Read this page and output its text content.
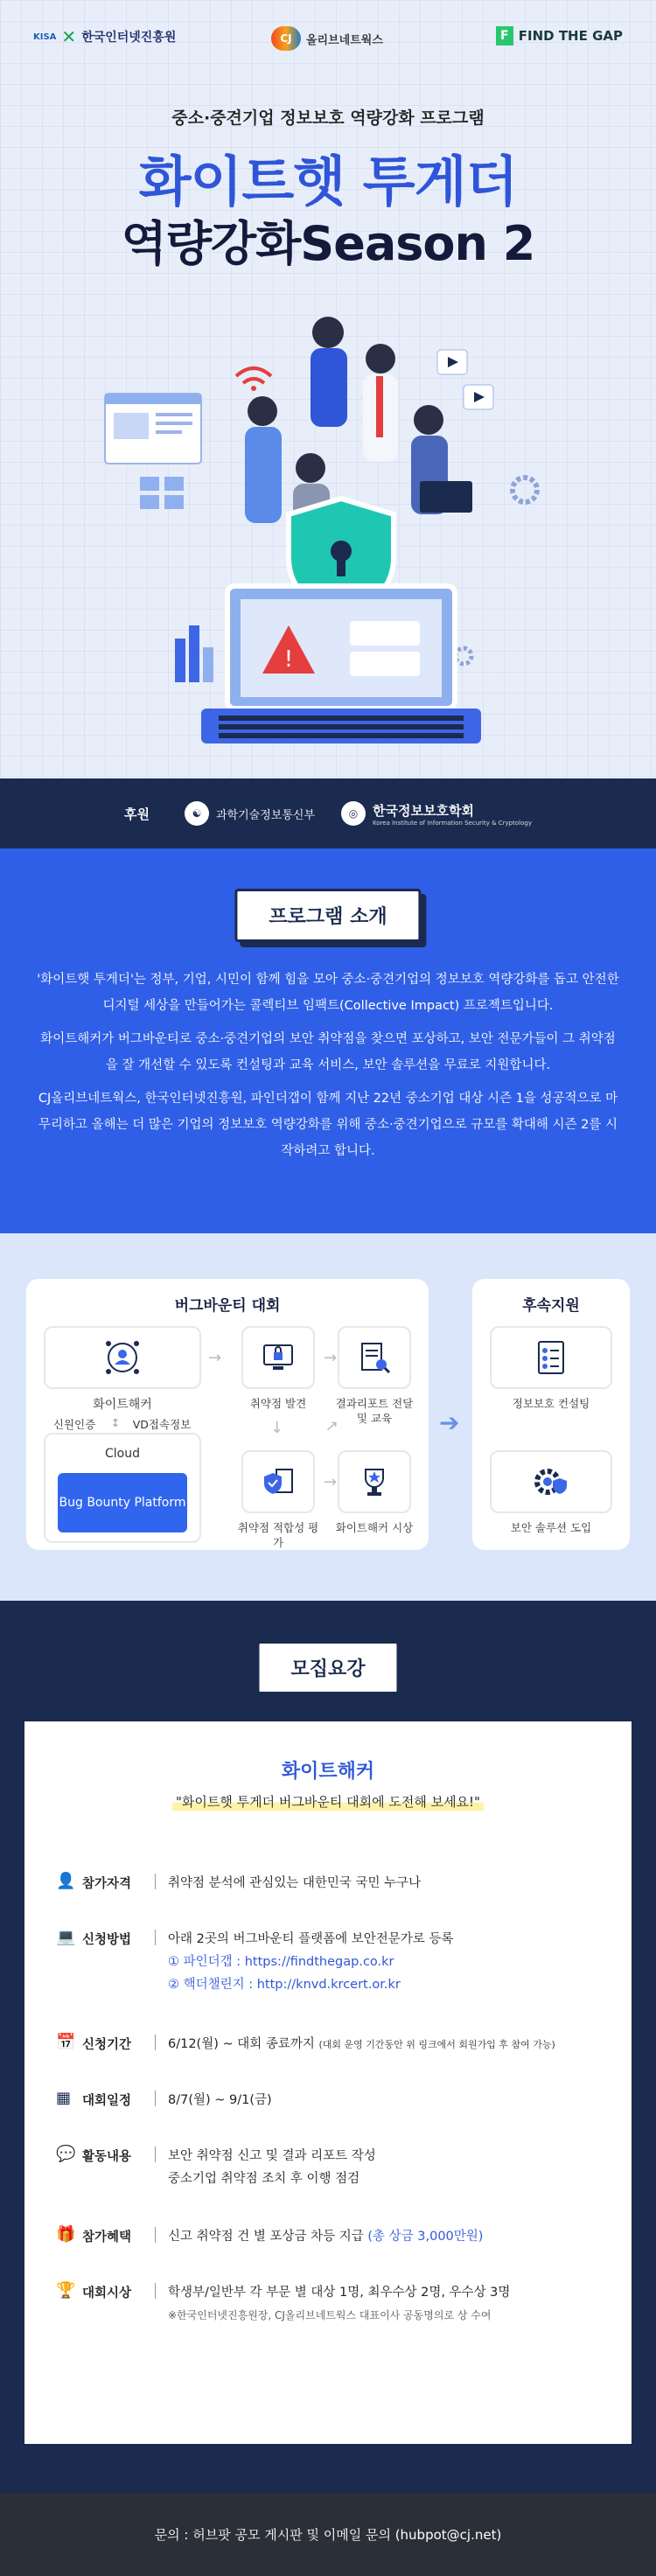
KISA ✕ 한국인터넷진흥원	CJ	올리브네트웍스	F FIND THE GAP
중소·중견기업 정보보호 역량강화 프로그램
화이트햇 투게더
역량강화Season 2
!
후원	☯	과학기술정보통신부	◎	한국정보보호학회
Korea Institute of Information Security & Cryptology
프로그램 소개

'화이트햇 투게더'는 정부, 기업, 시민이 함께 힘을 모아 중소·중견기업의 정보보호 역량강화를 돕고 안전한 디지털 세상을 만들어가는 콜렉티브 임팩트(Collective Impact) 프로젝트입니다.

화이트해커가 버그바운티로 중소·중견기업의 보안 취약점을 찾으면 포상하고, 보안 전문가들이 그 취약점을 잘 개선할 수 있도록 컨설팅과 교육 서비스, 보안 솔루션을 무료로 지원합니다.

CJ올리브네트웍스, 한국인터넷진흥원, 파인더갭이 함께 지난 22년 중소기업 대상 시즌 1을 성공적으로 마무리하고 올해는 더 많은 기업의 정보보호 역량강화를 위해 중소·중견기업으로 규모를 확대해 시즌 2를 시작하려고 합니다.

버그바운티 대회
화이트해커
신원인증	↕	VD접속정보
Cloud
Bug Bounty Platform
→
취약점 발견
→
결과리포트 전달 및 교육
↓
취약점 적합성 평가
→
→
화이트해커 시상
➔
후속지원
정보보호 컨설팅
보안 솔루션 도입
모집요강
화이트해커
"화이트햇 투게더 버그바운티 대회에 도전해 보세요!"
👤 참가자격	취약점 분석에 관심있는 대한민국 국민 누구나
💻 신청방법	아래 2곳의 버그바운티 플랫폼에 보안전문가로 등록
① 파인더갭 : https://findthegap.co.kr
② 핵더챌린지 : http://knvd.krcert.or.kr
📅 신청기간	6/12(월) ~ 대회 종료까지 (대회 운영 기간동안 위 링크에서 회원가입 후 참여 가능)
▦ 대회일정	8/7(월) ~ 9/1(금)
💬 활동내용	보안 취약점 신고 및 결과 리포트 작성
중소기업 취약점 조치 후 이행 점검
🎁 참가혜택	신고 취약점 건 별 포상금 차등 지급 (총 상금 3,000만원)
🏆 대회시상	학생부/일반부 각 부문 별 대상 1명, 최우수상 2명, 우수상 3명
※한국인터넷진흥원장, CJ올리브네트웍스 대표이사 공동명의로 상 수여
문의 : 허브팟 공모 게시판 및 이메일 문의 (hubpot@cj.net)
